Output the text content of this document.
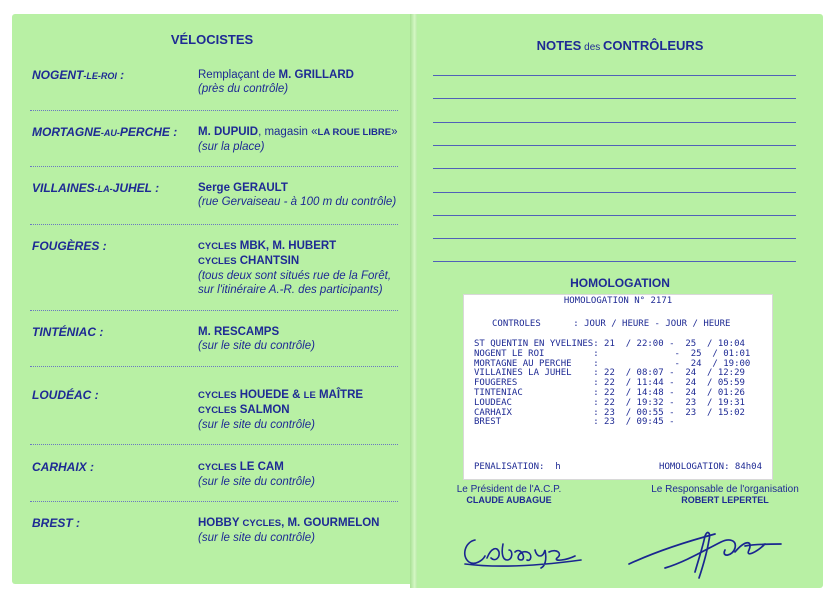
VÉLOCISTES
NOGENT-LE-ROI :	Remplaçant de M. GRILLARD
(près du contrôle)
MORTAGNE-AU-PERCHE : M. DUPUID, magasin «LA ROUE LIBRE»
(sur la place)
VILLAINES-LA-JUHEL :	Serge GERAULT
(rue Gervaiseau - à 100 m du contrôle)
FOUGÈRES :	CYCLES MBK, M. HUBERT
CYCLES CHANTSIN
(tous deux sont situés rue de la Forêt,
sur l'itinéraire A.-R. des participants)
TINTÉNIAC :	M. RESCAMPS
(sur le site du contrôle)
LOUDÉAC :	CYCLES HOUEDE & LE MAÎTRE
CYCLES SALMON
(sur le site du contrôle)
CARHAIX :	CYCLES LE CAM
(sur le site du contrôle)
BREST :	HOBBY CYCLES, M. GOURMELON
(sur le site du contrôle)
NOTES des CONTRÔLEURS
HOMOLOGATION
HOMOLOGATION N° 2171
CONTROLES      : JOUR / HEURE - JOUR / HEURE
ST QUENTIN EN YVELINES: 21  / 22:00 -  25  / 10:04
NOGENT LE ROI         :              -  25  / 01:01
MORTAGNE AU PERCHE    :              -  24  / 19:00
VILLAINES LA JUHEL    : 22  / 08:07 -  24  / 12:29
FOUGERES              : 22  / 11:44 -  24  / 05:59
TINTENIAC             : 22  / 14:48 -  24  / 01:26
LOUDEAC               : 22  / 19:32 -  23  / 19:31
CARHAIX               : 23  / 00:55 -  23  / 15:02
BREST                 : 23  / 09:45 -
PENALISATION:  h	HOMOLOGATION: 84h04
Le Président de l'A.C.P.
CLAUDE AUBAGUE
Le Responsable de l'organisation
ROBERT LEPERTEL
